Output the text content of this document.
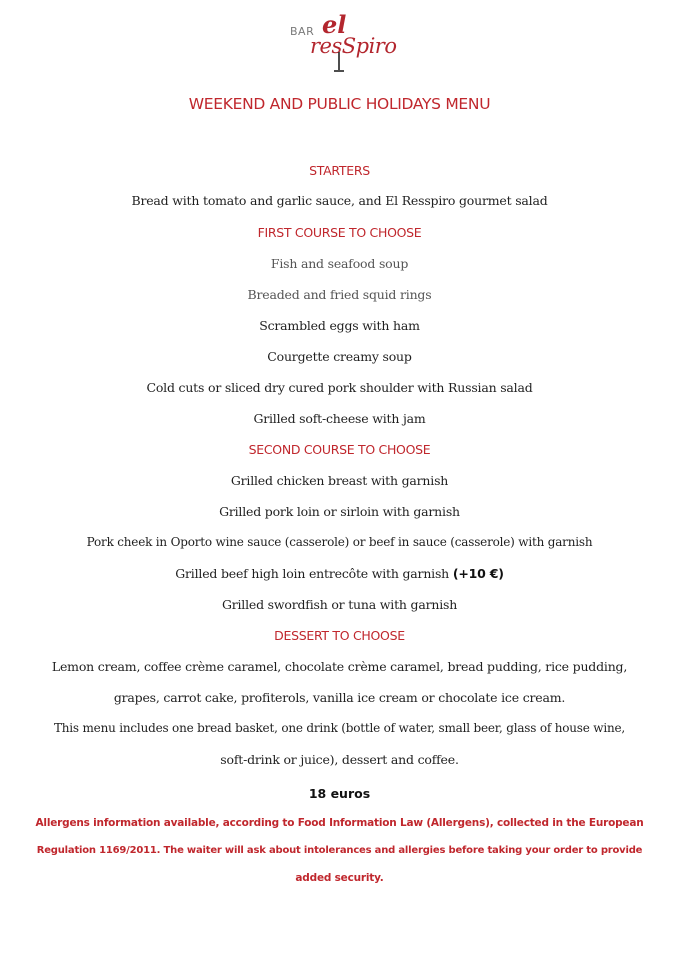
BAR el
resSpiro
WEEKEND AND PUBLIC HOLIDAYS MENU
STARTERS
Bread with tomato and garlic sauce, and El Resspiro gourmet salad
FIRST COURSE TO CHOOSE
Fish and seafood soup
Breaded and fried squid rings
Scrambled eggs with ham
Courgette creamy soup
Cold cuts or sliced dry cured pork shoulder with Russian salad
Grilled soft-cheese with jam
SECOND COURSE TO CHOOSE
Grilled chicken breast with garnish
Grilled pork loin or sirloin with garnish
Pork cheek in Oporto wine sauce (casserole) or beef in sauce (casserole) with garnish
Grilled beef high loin entrecôte with garnish (+10 €)
Grilled swordfish or tuna with garnish
DESSERT TO CHOOSE
Lemon cream, coffee crème caramel, chocolate crème caramel, bread pudding, rice pudding,
grapes, carrot cake, profiterols, vanilla ice cream or chocolate ice cream.
This menu includes one bread basket, one drink (bottle of water, small beer, glass of house wine,
soft-drink or juice), dessert and coffee.
18 euros
Allergens information available, according to Food Information Law (Allergens), collected in the European
Regulation 1169/2011. The waiter will ask about intolerances and allergies before taking your order to provide
added security.
